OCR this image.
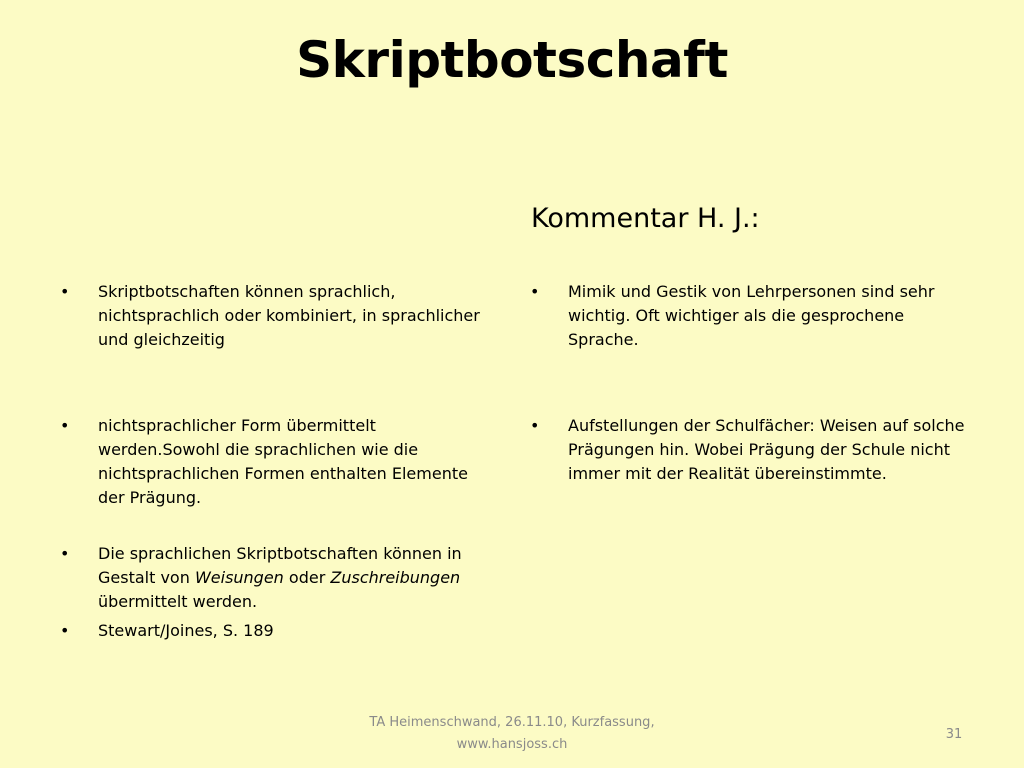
Skriptbotschaft
Kommentar H. J.:
• Skriptbotschaften können sprachlich, nichtsprachlich oder kombiniert, in sprachlicher und gleichzeitig
• nichtsprachlicher Form übermittelt werden.Sowohl die sprachlichen wie die nichtsprachlichen Formen enthalten Elemente der Prägung.
• Die sprachlichen Skriptbotschaften können in Gestalt von Weisungen oder Zuschreibungen übermittelt werden.
• Stewart/Joines, S. 189
• Mimik und Gestik von Lehrpersonen sind sehr wichtig. Oft wichtiger als die gesprochene Sprache.
• Aufstellungen der Schulfächer: Weisen auf solche Prägungen hin. Wobei Prägung der Schule nicht immer mit der Realität übereinstimmte.
TA Heimenschwand, 26.11.10, Kurzfassung,
www.hansjoss.ch
31
